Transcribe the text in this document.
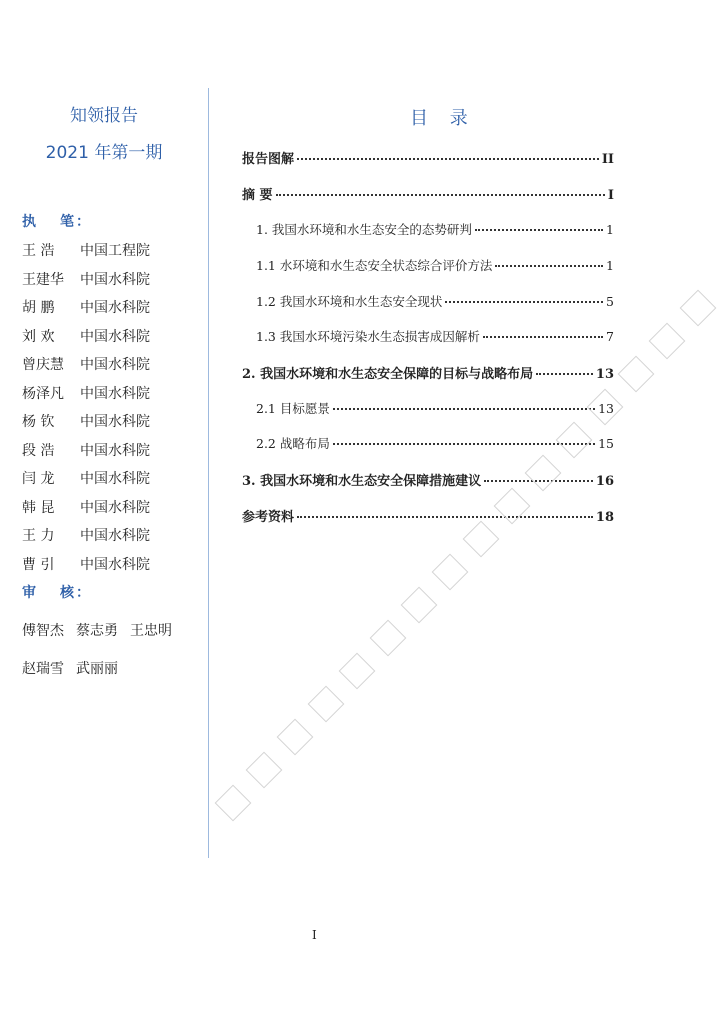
知领报告
2021 年第一期
执 笔：
王 浩 中国工程院
王建华 中国水科院
胡 鹏 中国水科院
刘 欢 中国水科院
曾庆慧 中国水科院
杨泽凡 中国水科院
杨 钦 中国水科院
段 浩 中国水科院
闫 龙 中国水科院
韩 昆 中国水科院
王 力 中国水科院
曹 引 中国水科院
审 核：
傅智杰 蔡志勇 王忠明
赵瑞雪 武丽丽
目 录
报告图解	II
摘 要	I
1. 我国水环境和水生态安全的态势研判	1
1.1 水环境和水生态安全状态综合评价方法	1
1.2 我国水环境和水生态安全现状	5
1.3 我国水环境污染水生态损害成因解析	7
2. 我国水环境和水生态安全保障的目标与战略布局	13
2.1 目标愿景	13
2.2 战略布局	15
3. 我国水环境和水生态安全保障措施建议	16
参考资料	18
I
